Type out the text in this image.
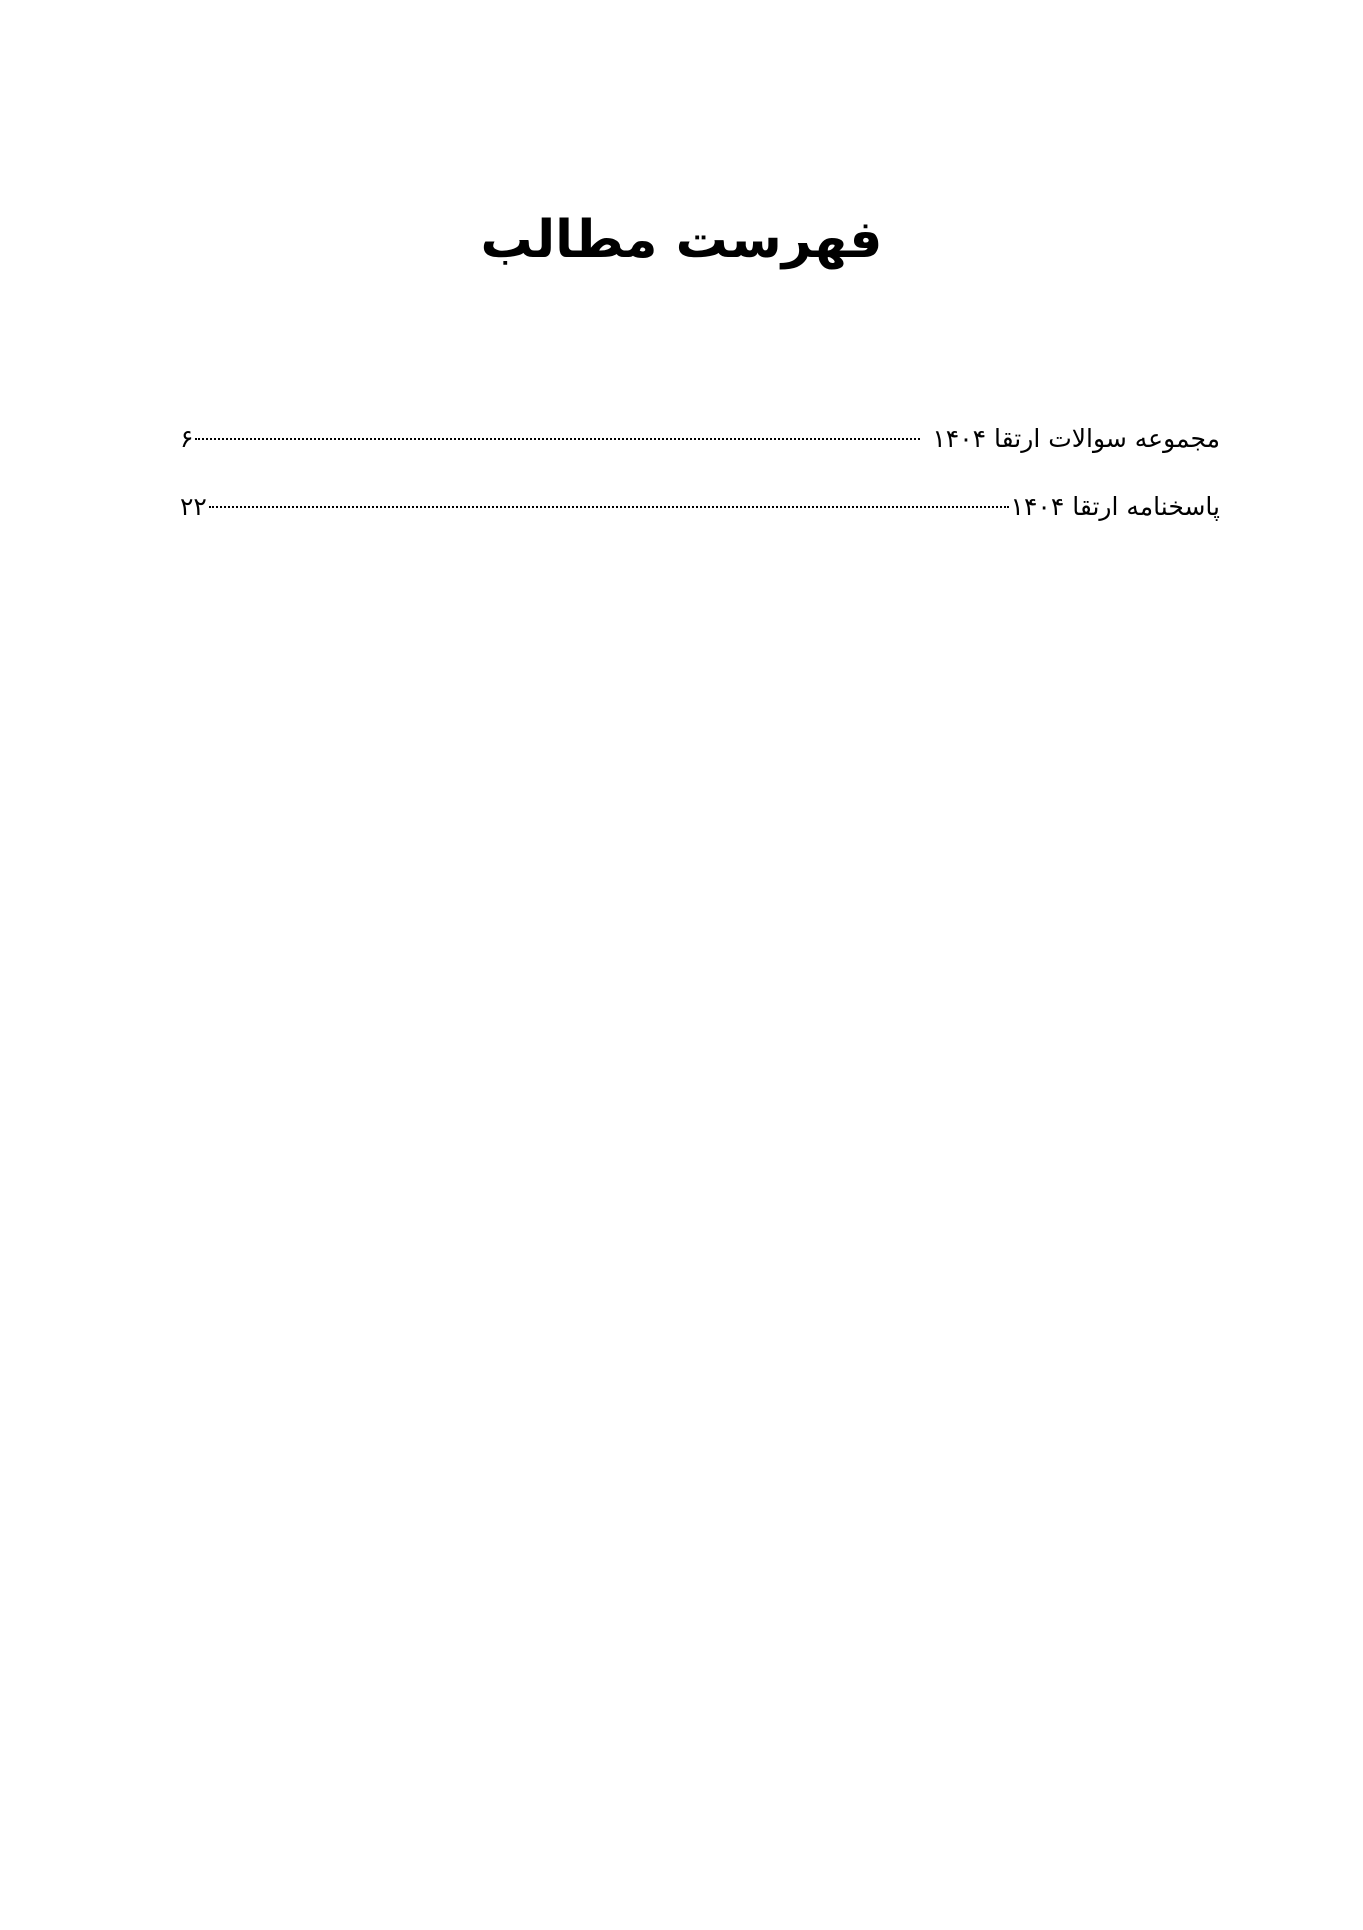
فهرست مطالب
مجموعه سوالات ارتقا ۱۴۰۴
۶
پاسخنامه ارتقا ۱۴۰۴
۲۲
